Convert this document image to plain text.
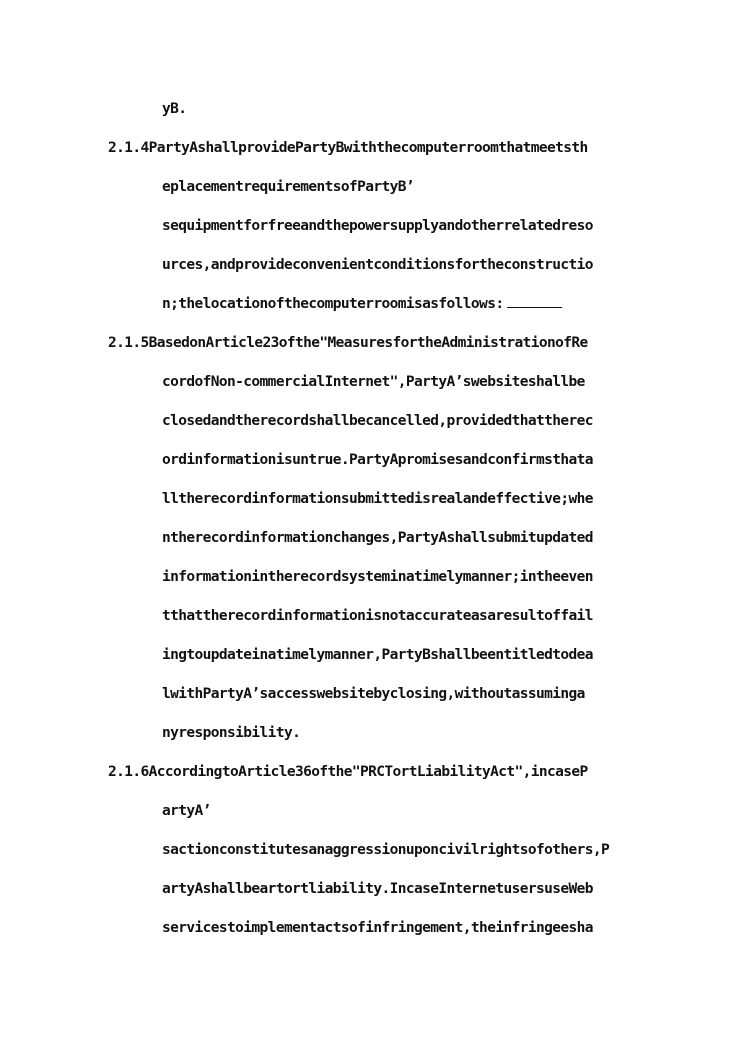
yB.
2.1.4PartyAshallprovidePartyBwiththecomputerroomthatmeetsth
eplacementrequirementsofPartyB’
sequipmentforfreeandthepowersupplyandotherrelatedreso
urces,andprovideconvenientconditionsfortheconstructio
n;thelocationofthecomputerroomisasfollows:
2.1.5BasedonArticle23ofthe"MeasuresfortheAdministrationofRe
cordofNon-commercialInternet",PartyA’swebsiteshallbe
closedandtherecordshallbecancelled,providedthattherec
ordinformationisuntrue.PartyApromisesandconfirmsthata
lltherecordinformationsubmittedisrealandeffective;whe
ntherecordinformationchanges,PartyAshallsubmitupdated
informationintherecordsysteminatimelymanner;intheeven
tthattherecordinformationisnotaccurateasaresultoffail
ingtoupdateinatimelymanner,PartyBshallbeentitledtodea
lwithPartyA’saccesswebsitebyclosing,withoutassuminga
nyresponsibility.
2.1.6AccordingtoArticle36ofthe"PRCTortLiabilityAct",incaseP
artyA’
sactionconstitutesanaggressionuponcivilrightsofothers,P
artyAshallbeartortliability.IncaseInternetusersuseWeb
servicestoimplementactsofinfringement,theinfringeesha
